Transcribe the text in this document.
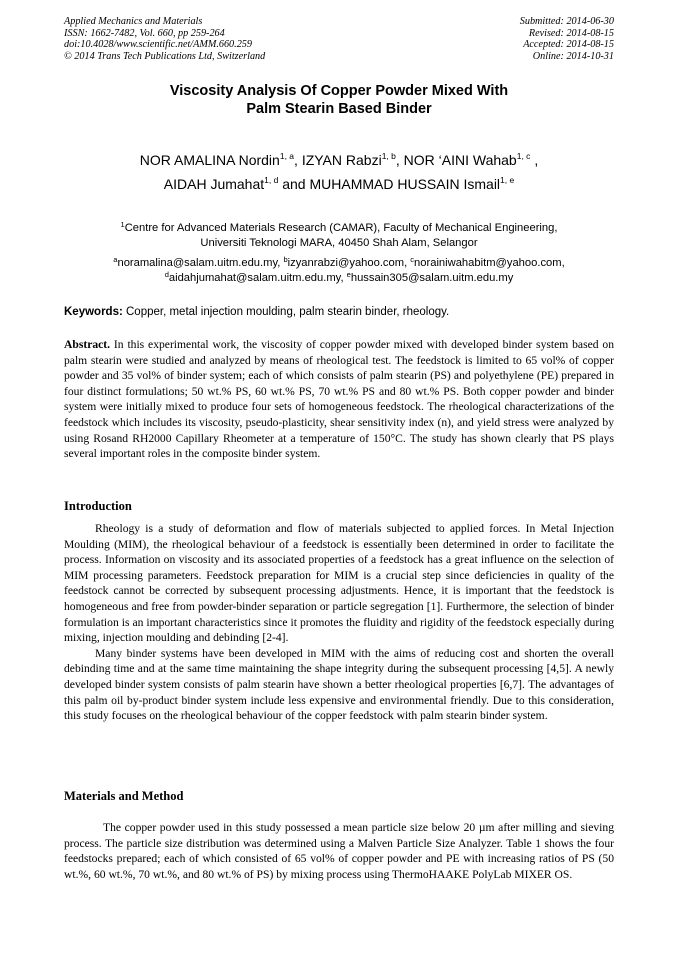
Applied Mechanics and Materials
ISSN: 1662-7482, Vol. 660, pp 259-264
doi:10.4028/www.scientific.net/AMM.660.259
© 2014 Trans Tech Publications Ltd, Switzerland
Submitted: 2014-06-30
Revised: 2014-08-15
Accepted: 2014-08-15
Online: 2014-10-31
Viscosity Analysis Of Copper Powder Mixed With
Palm Stearin Based Binder
NOR AMALINA Nordin$^{1, a}$, IZYAN Rabzi$^{1, b}$, NOR ‘AINI Wahab$^{1, c}$ ,
AIDAH Jumahat$^{1, d}$ and MUHAMMAD HUSSAIN Ismail$^{1, e}$
$^1$Centre for Advanced Materials Research (CAMAR), Faculty of Mechanical Engineering,
Universiti Teknologi MARA, 40450 Shah Alam, Selangor
$^a$noramalina@salam.uitm.edu.my, $^b$izyanrabzi@yahoo.com, $^c$norainiwahabitm@yahoo.com,
$^d$aidahjumahat@salam.uitm.edu.my, $^e$hussain305@salam.uitm.edu.my
Keywords: Copper, metal injection moulding, palm stearin binder, rheology.

Abstract. In this experimental work, the viscosity of copper powder mixed with developed binder system based on palm stearin were studied and analyzed by means of rheological test. The feedstock is limited to 65 vol% of copper powder and 35 vol% of binder system; each of which consists of palm stearin (PS) and polyethylene (PE) prepared in four distinct formulations; 50 wt.% PS, 60 wt.% PS, 70 wt.% PS and 80 wt.% PS. Both copper powder and binder system were initially mixed to produce four sets of homogeneous feedstock. The rheological characterizations of the feedstock which includes its viscosity, pseudo-plasticity, shear sensitivity index (n), and yield stress were analyzed by using Rosand RH2000 Capillary Rheometer at a temperature of 150°C. The study has shown clearly that PS plays several important roles in the composite binder system.

Introduction

Rheology is a study of deformation and flow of materials subjected to applied forces. In Metal Injection Moulding (MIM), the rheological behaviour of a feedstock is essentially been determined in order to facilitate the process. Information on viscosity and its associated properties of a feedstock has a great influence on the selection of MIM processing parameters. Feedstock preparation for MIM is a crucial step since deficiencies in quality of the feedstock cannot be corrected by subsequent processing adjustments. Hence, it is important that the feedstock is homogeneous and free from powder-binder separation or particle segregation [1]. Furthermore, the selection of binder formulation is an important characteristics since it promotes the fluidity and rigidity of the feedstock especially during mixing, injection moulding and debinding [2-4].

Many binder systems have been developed in MIM with the aims of reducing cost and shorten the overall debinding time and at the same time maintaining the shape integrity during the subsequent processing [4,5]. A newly developed binder system consists of palm stearin have shown a better rheological properties [6,7]. The advantages of this palm oil by-product binder system include less expensive and environmental friendly. Due to this consideration, this study focuses on the rheological behaviour of the copper feedstock with palm stearin binder system.

Materials and Method

The copper powder used in this study possessed a mean particle size below 20 µm after milling and sieving process. The particle size distribution was determined using a Malven Particle Size Analyzer. Table 1 shows the four feedstocks prepared; each of which consisted of 65 vol% of copper powder and PE with increasing ratios of PS (50 wt.%, 60 wt.%, 70 wt.%, and 80 wt.% of PS) by mixing process using ThermoHAAKE PolyLab MIXER OS.
